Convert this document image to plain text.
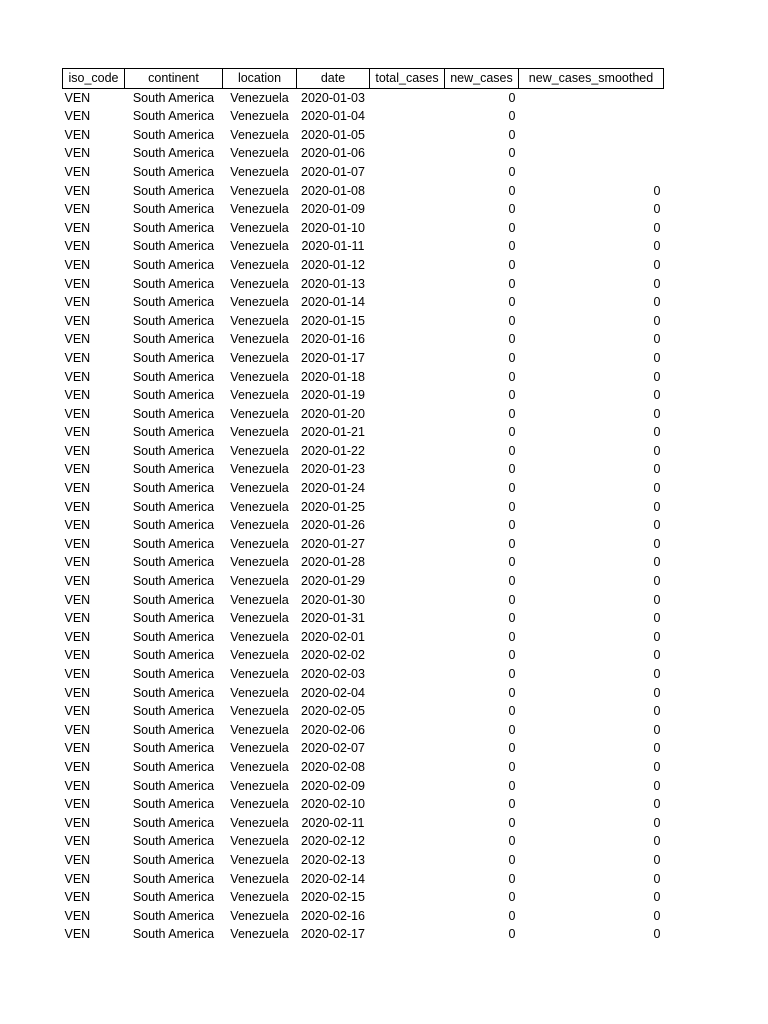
iso_code	continent	location	date	total_cases	new_cases	new_cases_smoothed
VEN	South America	Venezuela	2020-01-03		0	
VEN	South America	Venezuela	2020-01-04		0	
VEN	South America	Venezuela	2020-01-05		0	
VEN	South America	Venezuela	2020-01-06		0	
VEN	South America	Venezuela	2020-01-07		0	
VEN	South America	Venezuela	2020-01-08		0	0
VEN	South America	Venezuela	2020-01-09		0	0
VEN	South America	Venezuela	2020-01-10		0	0
VEN	South America	Venezuela	2020-01-11		0	0
VEN	South America	Venezuela	2020-01-12		0	0
VEN	South America	Venezuela	2020-01-13		0	0
VEN	South America	Venezuela	2020-01-14		0	0
VEN	South America	Venezuela	2020-01-15		0	0
VEN	South America	Venezuela	2020-01-16		0	0
VEN	South America	Venezuela	2020-01-17		0	0
VEN	South America	Venezuela	2020-01-18		0	0
VEN	South America	Venezuela	2020-01-19		0	0
VEN	South America	Venezuela	2020-01-20		0	0
VEN	South America	Venezuela	2020-01-21		0	0
VEN	South America	Venezuela	2020-01-22		0	0
VEN	South America	Venezuela	2020-01-23		0	0
VEN	South America	Venezuela	2020-01-24		0	0
VEN	South America	Venezuela	2020-01-25		0	0
VEN	South America	Venezuela	2020-01-26		0	0
VEN	South America	Venezuela	2020-01-27		0	0
VEN	South America	Venezuela	2020-01-28		0	0
VEN	South America	Venezuela	2020-01-29		0	0
VEN	South America	Venezuela	2020-01-30		0	0
VEN	South America	Venezuela	2020-01-31		0	0
VEN	South America	Venezuela	2020-02-01		0	0
VEN	South America	Venezuela	2020-02-02		0	0
VEN	South America	Venezuela	2020-02-03		0	0
VEN	South America	Venezuela	2020-02-04		0	0
VEN	South America	Venezuela	2020-02-05		0	0
VEN	South America	Venezuela	2020-02-06		0	0
VEN	South America	Venezuela	2020-02-07		0	0
VEN	South America	Venezuela	2020-02-08		0	0
VEN	South America	Venezuela	2020-02-09		0	0
VEN	South America	Venezuela	2020-02-10		0	0
VEN	South America	Venezuela	2020-02-11		0	0
VEN	South America	Venezuela	2020-02-12		0	0
VEN	South America	Venezuela	2020-02-13		0	0
VEN	South America	Venezuela	2020-02-14		0	0
VEN	South America	Venezuela	2020-02-15		0	0
VEN	South America	Venezuela	2020-02-16		0	0
VEN	South America	Venezuela	2020-02-17		0	0
